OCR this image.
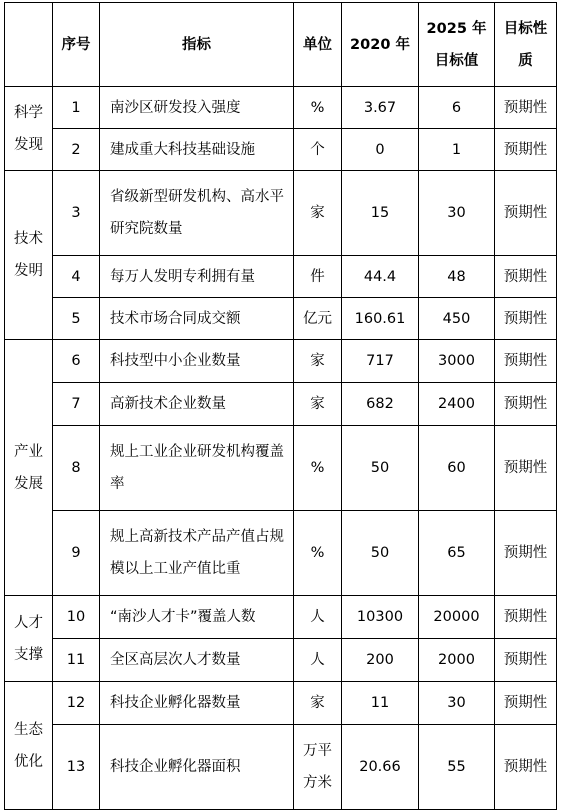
	序号	指标	单位	2020 年	2025 年目标值	目标性质
科学发现	1	南沙区研发投入强度	%	3.67	6	预期性
	2	建成重大科技基础设施	个	0	1	预期性
技术发明	3	省级新型研发机构、高水平研究院数量	家	15	30	预期性
	4	每万人发明专利拥有量	件	44.4	48	预期性
	5	技术市场合同成交额	亿元	160.61	450	预期性
产业发展	6	科技型中小企业数量	家	717	3000	预期性
	7	高新技术企业数量	家	682	2400	预期性
	8	规上工业企业研发机构覆盖率	%	50	60	预期性
	9	规上高新技术产品产值占规模以上工业产值比重	%	50	65	预期性
人才支撑	10	“南沙人才卡”覆盖人数	人	10300	20000	预期性
	11	全区高层次人才数量	人	200	2000	预期性
生态优化	12	科技企业孵化器数量	家	11	30	预期性
	13	科技企业孵化器面积	万平方米	20.66	55	预期性
